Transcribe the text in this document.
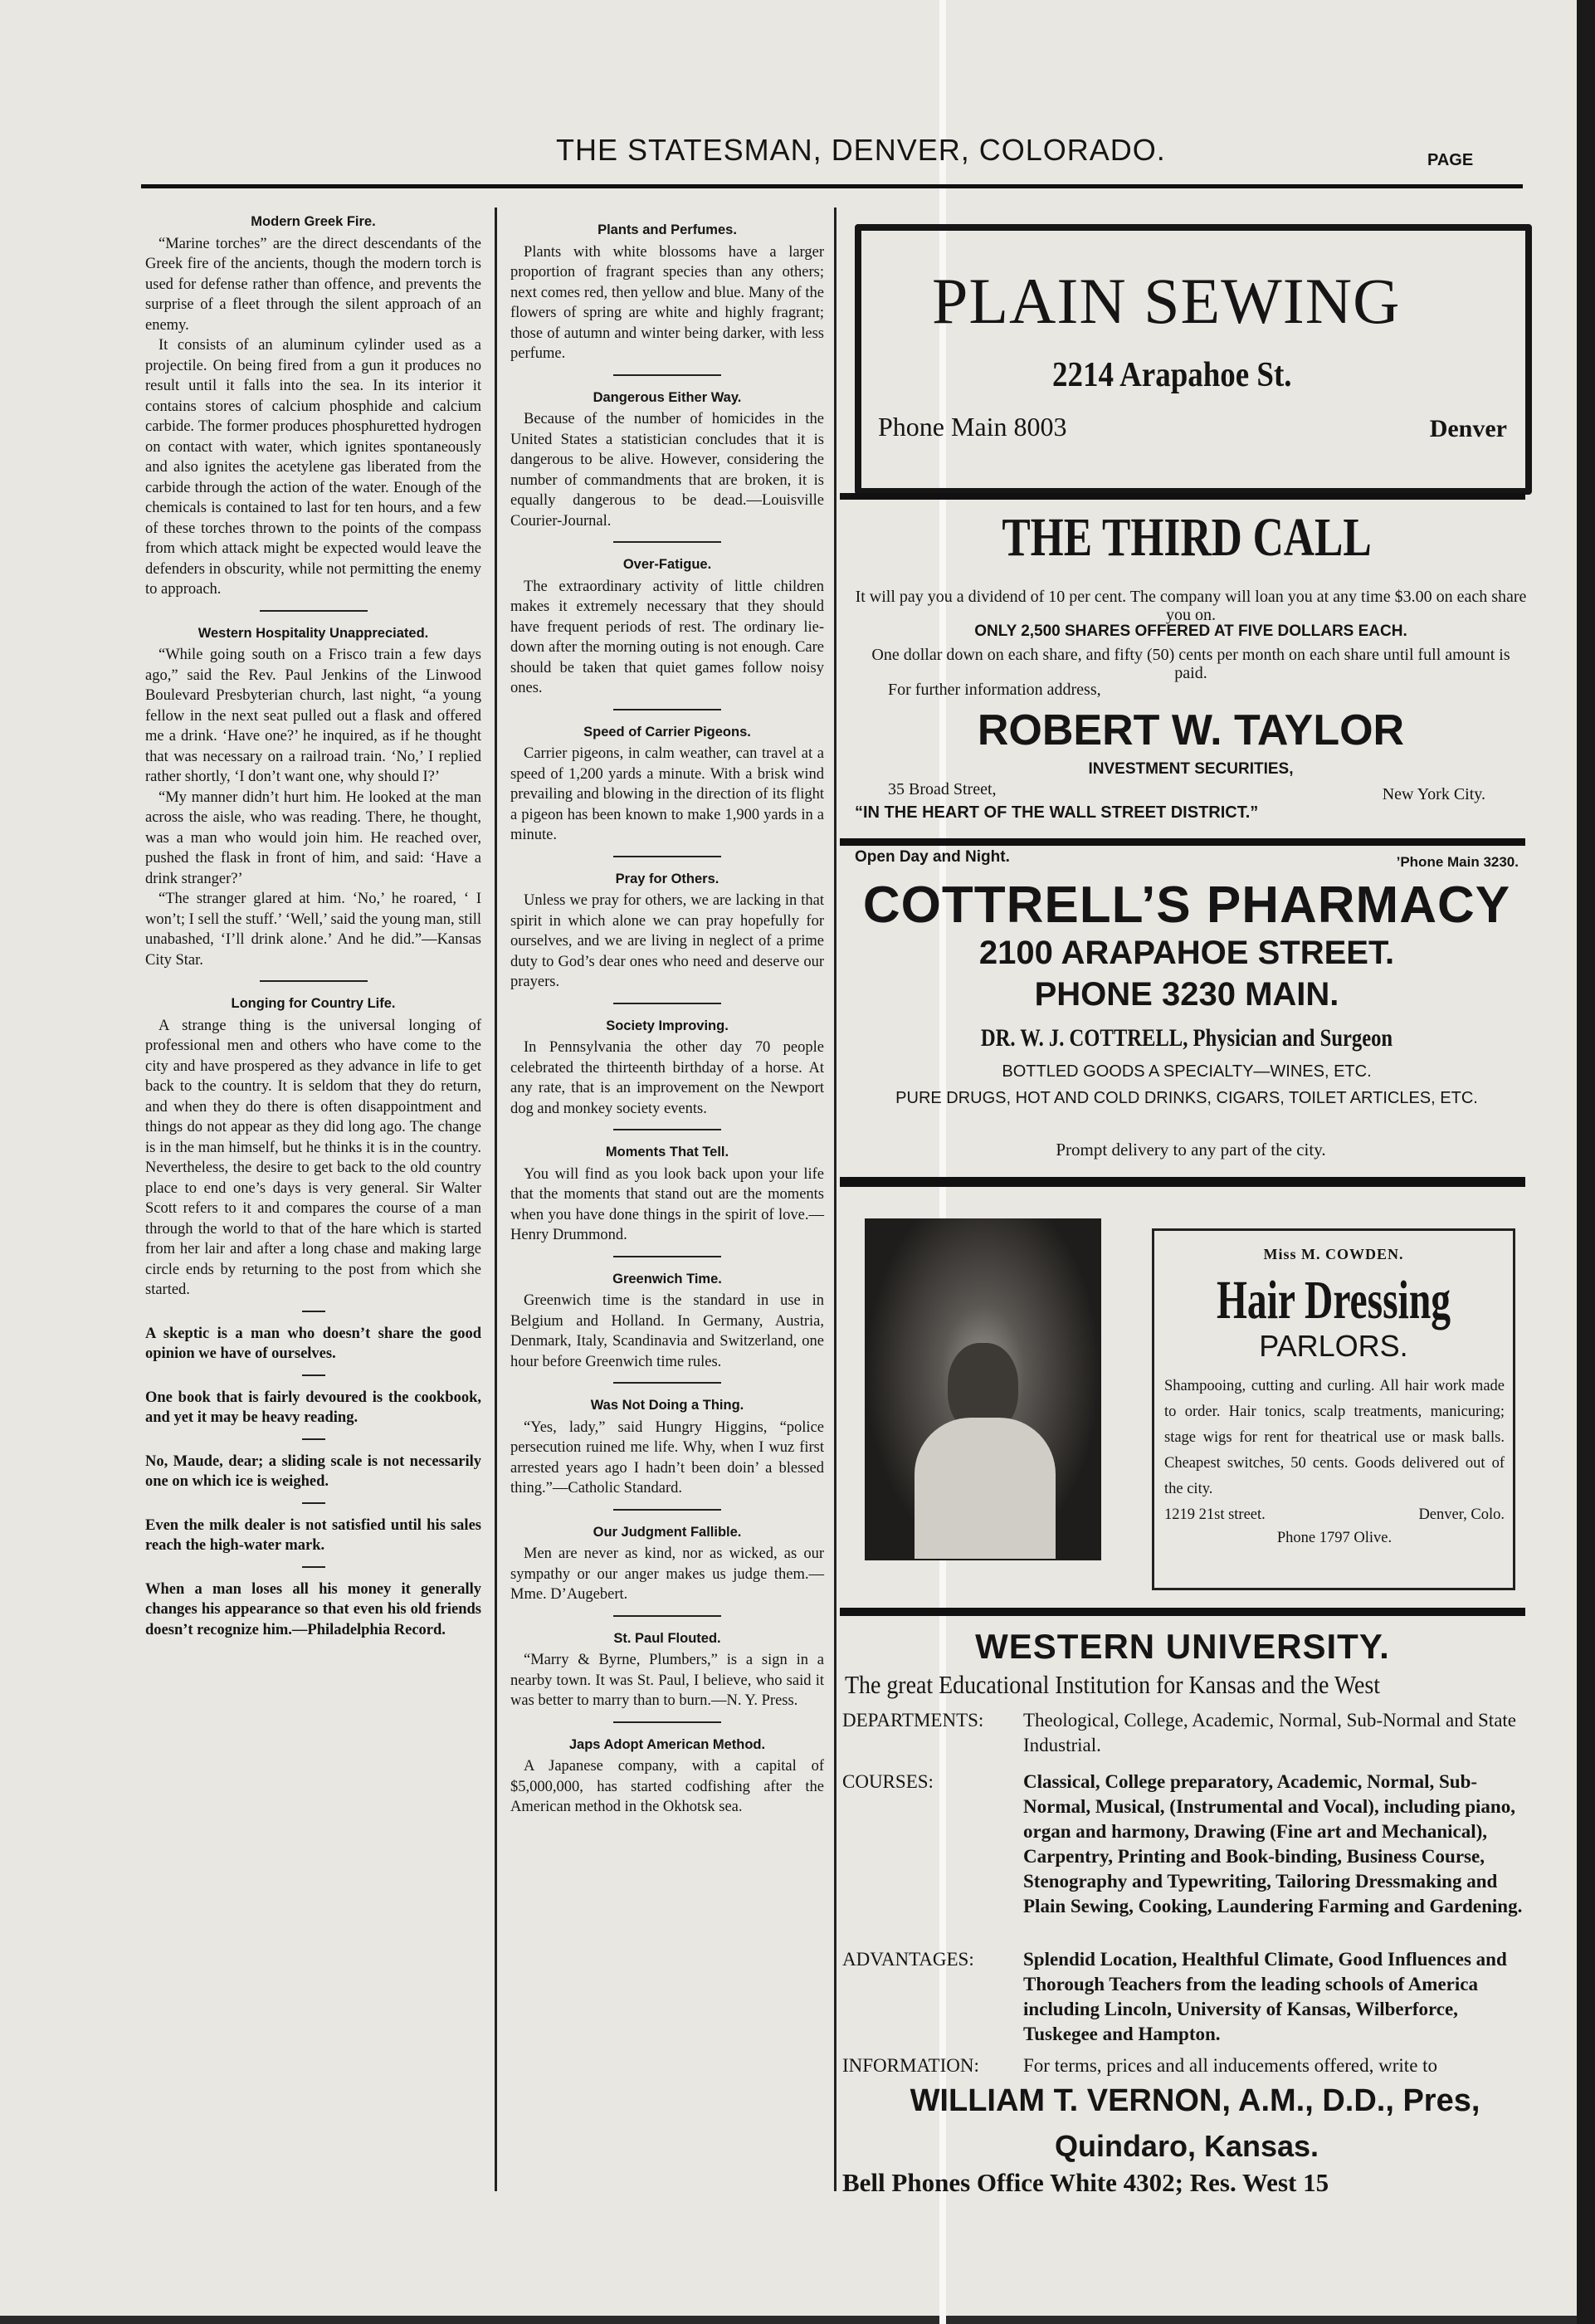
THE STATESMAN, DENVER, COLORADO.	PAGE
Modern Greek Fire.

“Marine torches” are the direct descendants of the Greek fire of the ancients, though the modern torch is used for defense rather than offence, and prevents the surprise of a fleet through the silent approach of an enemy.

It consists of an aluminum cylinder used as a projectile. On being fired from a gun it produces no result until it falls into the sea. In its interior it contains stores of calcium phosphide and calcium carbide. The former produces phosphuretted hydrogen on contact with water, which ignites spontaneously and also ignites the acetylene gas liberated from the carbide through the action of the water. Enough of the chemicals is contained to last for ten hours, and a few of these torches thrown to the points of the compass from which attack might be expected would leave the defenders in obscurity, while not permitting the enemy to approach.

Western Hospitality Unappreciated.

“While going south on a Frisco train a few days ago,” said the Rev. Paul Jenkins of the Linwood Boulevard Presbyterian church, last night, “a young fellow in the next seat pulled out a flask and offered me a drink. ‘Have one?’ he inquired, as if he thought that was necessary on a railroad train. ‘No,’ I replied rather shortly, ‘I don’t want one, why should I?’

“My manner didn’t hurt him. He looked at the man across the aisle, who was reading. There, he thought, was a man who would join him. He reached over, pushed the flask in front of him, and said: ‘Have a drink stranger?’

“The stranger glared at him. ‘No,’ he roared, ‘ I won’t; I sell the stuff.’ ‘Well,’ said the young man, still unabashed, ‘I’ll drink alone.’ And he did.”—Kansas City Star.

Longing for Country Life.

A strange thing is the universal longing of professional men and others who have come to the city and have prospered as they advance in life to get back to the country. It is seldom that they do return, and when they do there is often disappointment and things do not appear as they did long ago. The change is in the man himself, but he thinks it is in the country. Nevertheless, the desire to get back to the old country place to end one’s days is very general. Sir Walter Scott refers to it and compares the course of a man through the world to that of the hare which is started from her lair and after a long chase and making large circle ends by returning to the post from which she started.

A skeptic is a man who doesn’t share the good opinion we have of ourselves.

One book that is fairly devoured is the cookbook, and yet it may be heavy reading.

No, Maude, dear; a sliding scale is not necessarily one on which ice is weighed.

Even the milk dealer is not satisfied until his sales reach the high-water mark.

When a man loses all his money it generally changes his appearance so that even his old friends doesn’t recognize him.—Philadelphia Record.

Plants and Perfumes.

Plants with white blossoms have a larger proportion of fragrant species than any others; next comes red, then yellow and blue. Many of the flowers of spring are white and highly fragrant; those of autumn and winter being darker, with less perfume.

Dangerous Either Way.

Because of the number of homicides in the United States a statistician concludes that it is dangerous to be alive. However, considering the number of commandments that are broken, it is equally dangerous to be dead.—Louisville Courier-Journal.

Over-Fatigue.

The extraordinary activity of little children makes it extremely necessary that they should have frequent periods of rest. The ordinary lie-down after the morning outing is not enough. Care should be taken that quiet games follow noisy ones.

Speed of Carrier Pigeons.

Carrier pigeons, in calm weather, can travel at a speed of 1,200 yards a minute. With a brisk wind prevailing and blowing in the direction of its flight a pigeon has been known to make 1,900 yards in a minute.

Pray for Others.

Unless we pray for others, we are lacking in that spirit in which alone we can pray hopefully for ourselves, and we are living in neglect of a prime duty to God’s dear ones who need and deserve our prayers.

Society Improving.

In Pennsylvania the other day 70 people celebrated the thirteenth birthday of a horse. At any rate, that is an improvement on the Newport dog and monkey society events.

Moments That Tell.

You will find as you look back upon your life that the moments that stand out are the moments when you have done things in the spirit of love.—Henry Drummond.

Greenwich Time.

Greenwich time is the standard in use in Belgium and Holland. In Germany, Austria, Denmark, Italy, Scandinavia and Switzerland, one hour before Greenwich time rules.

Was Not Doing a Thing.

“Yes, lady,” said Hungry Higgins, “police persecution ruined me life. Why, when I wuz first arrested years ago I hadn’t been doin’ a blessed thing.”—Catholic Standard.

Our Judgment Fallible.

Men are never as kind, nor as wicked, as our sympathy or our anger makes us judge them.—Mme. D’Augebert.

St. Paul Flouted.

“Marry & Byrne, Plumbers,” is a sign in a nearby town. It was St. Paul, I believe, who said it was better to marry than to burn.—N. Y. Press.

Japs Adopt American Method.

A Japanese company, with a capital of $5,000,000, has started codfishing after the American method in the Okhotsk sea.

PLAIN SEWING
2214 Arapahoe St.
Phone Main 8003	Denver
THE THIRD CALL
It will pay you a dividend of 10 per cent. The company will loan you at any time $3.00 on each share you on.
ONLY 2,500 SHARES OFFERED AT FIVE DOLLARS EACH.
One dollar down on each share, and fifty (50) cents per month on each share until full amount is paid.
For further information address,
ROBERT W. TAYLOR
INVESTMENT SECURITIES,
35 Broad Street,	New York City.
“IN THE HEART OF THE WALL STREET DISTRICT.”
Open Day and Night.	’Phone Main 3230.
COTTRELL’S PHARMACY
2100 ARAPAHOE STREET.
PHONE 3230 MAIN.
DR. W. J. COTTRELL, Physician and Surgeon
BOTTLED GOODS A SPECIALTY—WINES, ETC.
PURE DRUGS, HOT AND COLD DRINKS, CIGARS, TOILET ARTICLES, ETC.
Prompt delivery to any part of the city.
Miss M. COWDEN.
Hair Dressing
PARLORS.
Shampooing, cutting and curling. All hair work made to order. Hair tonics, scalp treatments, manicuring; stage wigs for rent for theatrical use or mask balls. Cheapest switches, 50 cents. Goods delivered out of the city.
1219 21st street.	Denver, Colo.
Phone 1797 Olive.
WESTERN UNIVERSITY.
The great Educational Institution for Kansas and the West
DEPARTMENTS: Theological, College, Academic, Normal, Sub-Normal and State Industrial.
COURSES:	Classical, College preparatory, Academic, Normal, Sub-Normal, Musical, (Instrumental and Vocal), including piano, organ and harmony, Drawing (Fine art and Mechanical), Carpentry, Printing and Book-binding, Business Course, Stenography and Typewriting, Tailoring Dressmaking and Plain Sewing, Cooking, Laundering Farming and Gardening.
ADVANTAGES:	Splendid Location, Healthful Climate, Good Influences and Thorough Teachers from the leading schools of America including Lincoln, University of Kansas, Wilberforce, Tuskegee and Hampton.
INFORMATION: For terms, prices and all inducements offered, write to
WILLIAM T. VERNON, A.M., D.D., Pres,
Quindaro, Kansas.
Bell Phones Office White 4302; Res. West 15
